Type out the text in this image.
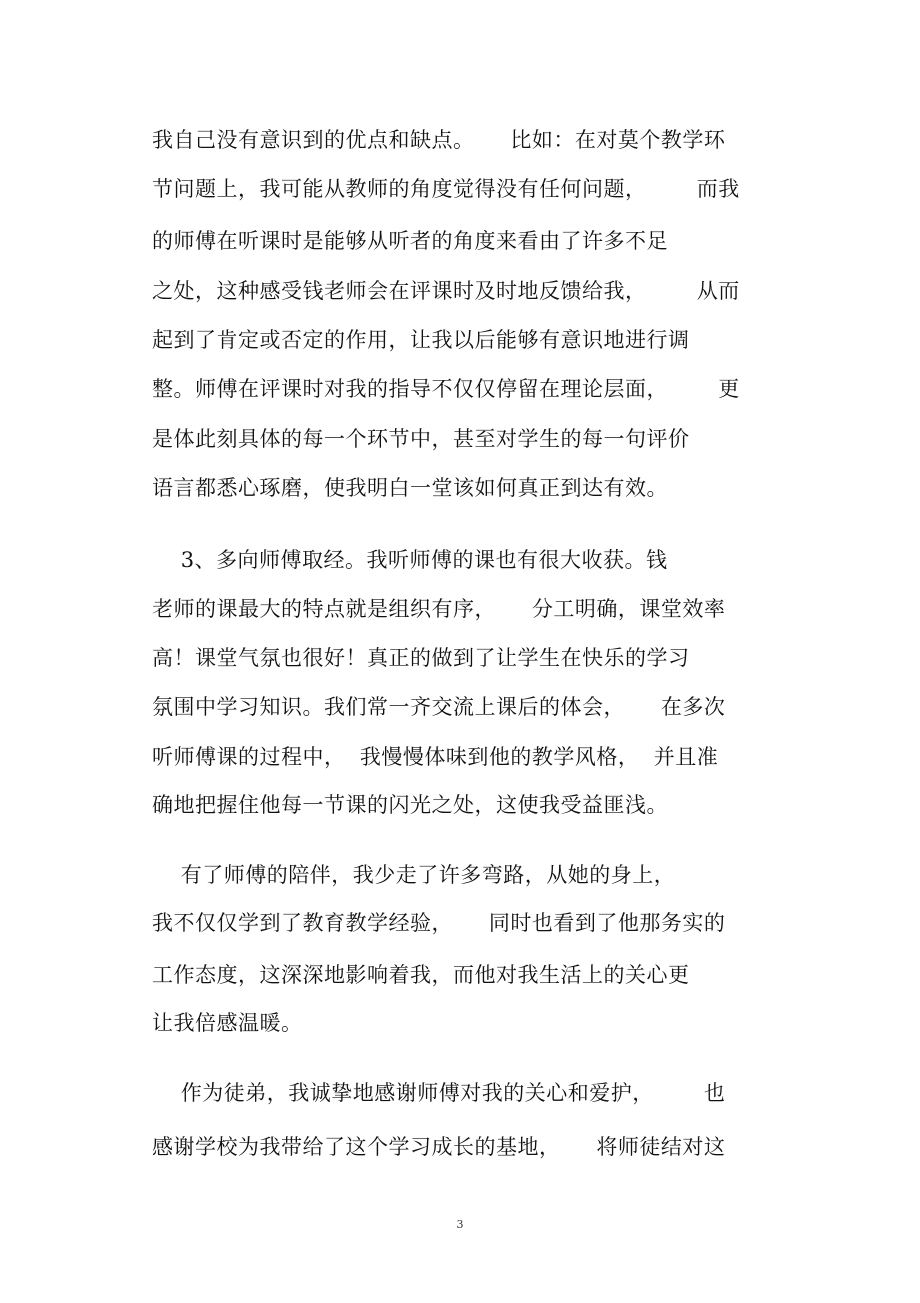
我自己没有意识到的优点和缺点。     比如：在对莫个教学环
节问题上，我可能从教师的角度觉得没有任何问题，       而我
的师傅在听课时是能够从听者的角度来看由了许多不足
之处，这种感受钱老师会在评课时及时地反馈给我，       从而
起到了肯定或否定的作用，让我以后能够有意识地进行调
整。师傅在评课时对我的指导不仅仅停留在理论层面，       更
是体此刻具体的每一个环节中，甚至对学生的每一句评价
语言都悉心琢磨，使我明白一堂该如何真正到达有效。
3、多向师傅取经。我听师傅的课也有很大收获。钱
老师的课最大的特点就是组织有序，     分工明确，课堂效率
高！课堂气氛也很好！真正的做到了让学生在快乐的学习
氛围中学习知识。我们常一齐交流上课后的体会，     在多次
听师傅课的过程中，  我慢慢体味到他的教学风格，  并且准
确地把握住他每一节课的闪光之处，这使我受益匪浅。
有了师傅的陪伴，我少走了许多弯路，从她的身上，
我不仅仅学到了教育教学经验，     同时也看到了他那务实的
工作态度，这深深地影响着我，而他对我生活上的关心更
让我倍感温暖。
作为徒弟，我诚挚地感谢师傅对我的关心和爱护，       也
感谢学校为我带给了这个学习成长的基地，     将师徒结对这
3
